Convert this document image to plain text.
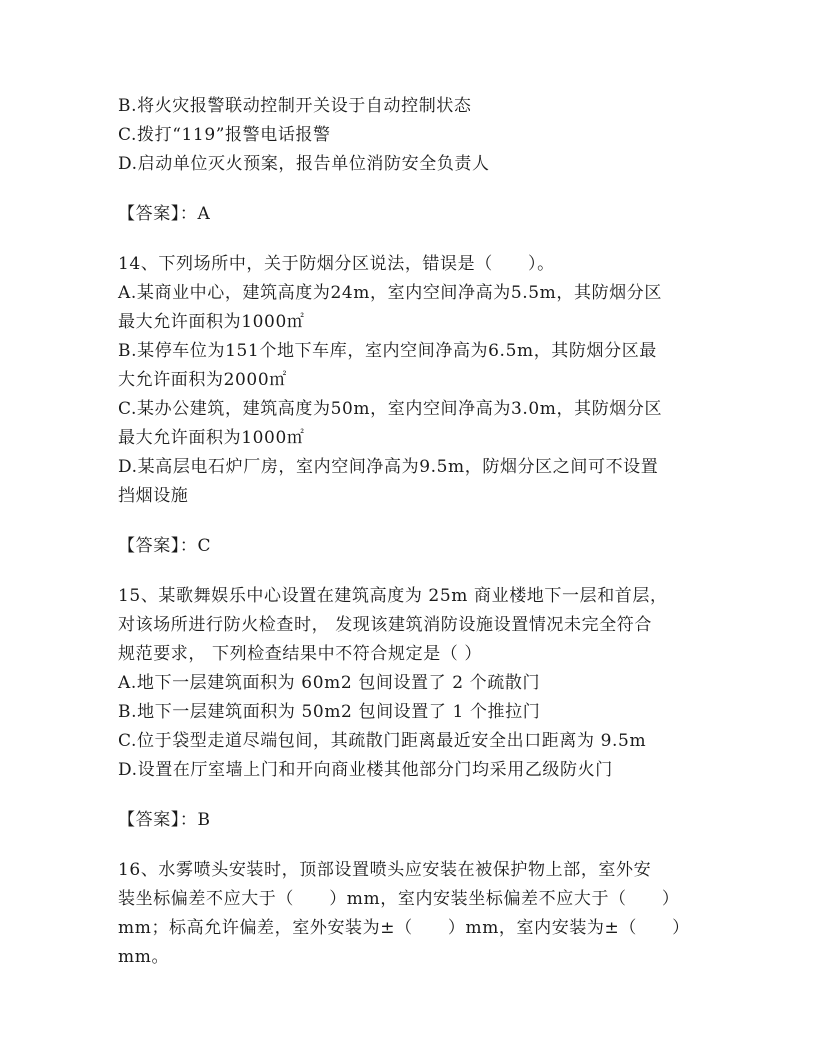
B.将火灾报警联动控制开关设于自动控制状态
C.拨打“119”报警电话报警
D.启动单位灭火预案，报告单位消防安全负责人
【答案】：A
14、下列场所中，关于防烟分区说法，错误是（　　）。
A.某商业中心，建筑高度为24m，室内空间净高为5.5m，其防烟分区
最大允许面积为1000㎡
B.某停车位为151个地下车库，室内空间净高为6.5m，其防烟分区最
大允许面积为2000㎡
C.某办公建筑，建筑高度为50m，室内空间净高为3.0m，其防烟分区
最大允许面积为1000㎡
D.某高层电石炉厂房，室内空间净高为9.5m，防烟分区之间可不设置
挡烟设施
【答案】：C
15、某歌舞娱乐中心设置在建筑高度为 25m 商业楼地下一层和首层，
对该场所进行防火检查时， 发现该建筑消防设施设置情况未完全符合
规范要求， 下列检查结果中不符合规定是（ ）
A.地下一层建筑面积为 60m2 包间设置了 2 个疏散门
B.地下一层建筑面积为 50m2 包间设置了 1 个推拉门
C.位于袋型走道尽端包间，其疏散门距离最近安全出口距离为 9.5m
D.设置在厅室墙上门和开向商业楼其他部分门均采用乙级防火门
【答案】：B
16、水雾喷头安装时，顶部设置喷头应安装在被保护物上部，室外安
装坐标偏差不应大于（　　）mm，室内安装坐标偏差不应大于（　　）
mm；标高允许偏差，室外安装为±（　　）mm，室内安装为±（　　）
mm。
